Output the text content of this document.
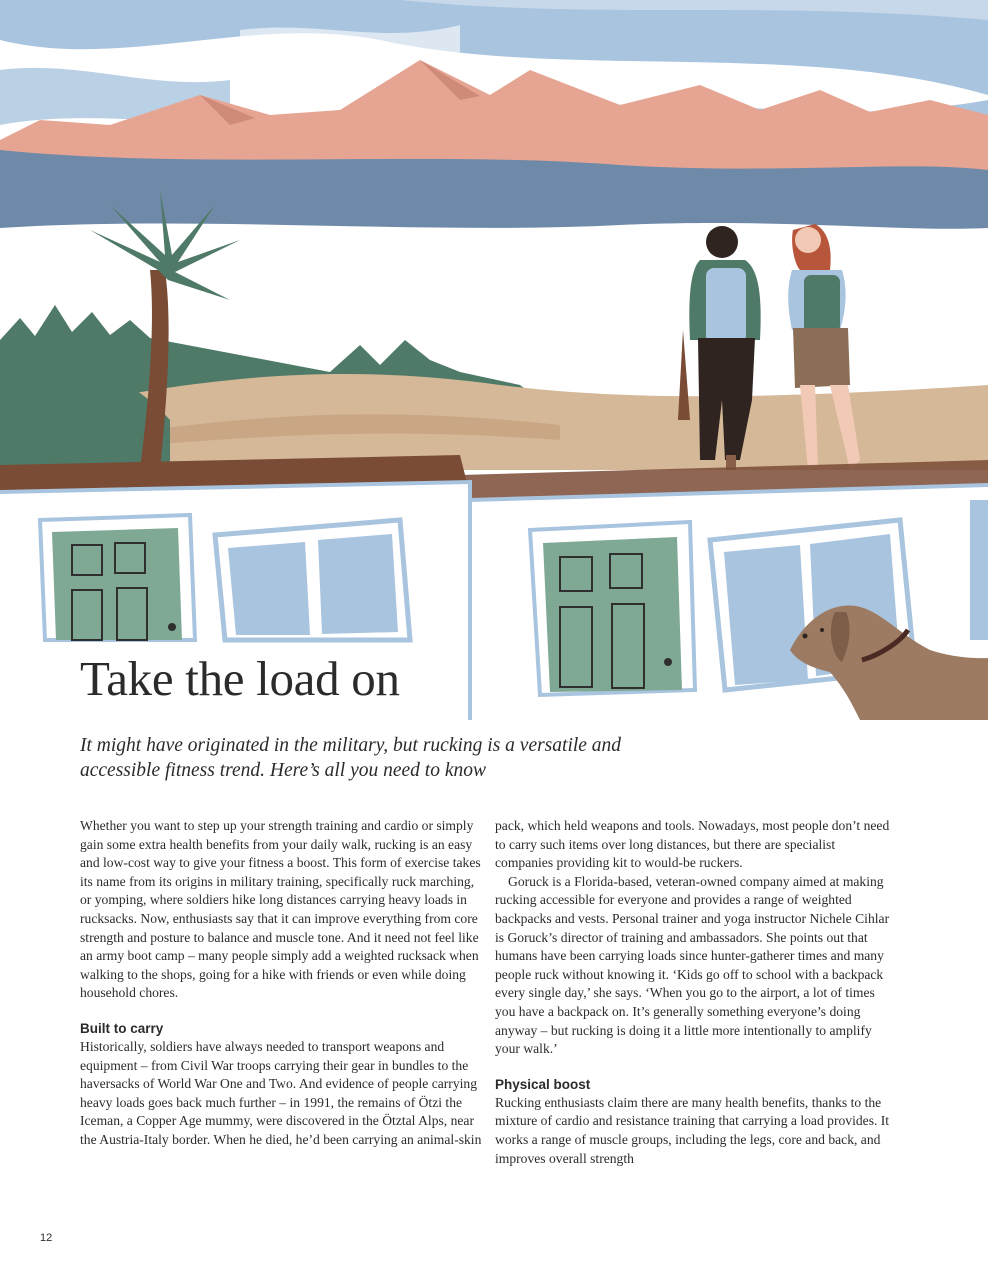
Take the load on

It might have originated in the military, but rucking is a versatile and accessible fitness trend. Here’s all you need to know

Whether you want to step up your strength training and cardio or simply gain some extra health benefits from your daily walk, rucking is an easy and low-cost way to give your fitness a boost. This form of exercise takes its name from its origins in military training, specifically ruck marching, or yomping, where soldiers hike long distances carrying heavy loads in rucksacks. Now, enthusiasts say that it can improve everything from core strength and posture to balance and muscle tone. And it need not feel like an army boot camp – many people simply add a weighted rucksack when walking to the shops, going for a hike with friends or even while doing household chores.

Built to carry

Historically, soldiers have always needed to transport weapons and equipment – from Civil War troops carrying their gear in bundles to the haversacks of World War One and Two. And evidence of people carrying heavy loads goes back much further – in 1991, the remains of Ötzi the Iceman, a Copper Age mummy, were discovered in the Ötztal Alps, near the Austria-Italy border. When he died, he’d been carrying an animal-skin

pack, which held weapons and tools. Nowadays, most people don’t need to carry such items over long distances, but there are specialist companies providing kit to would-be ruckers.

Goruck is a Florida-based, veteran-owned company aimed at making rucking accessible for everyone and provides a range of weighted backpacks and vests. Personal trainer and yoga instructor Nichele Cihlar is Goruck’s director of training and ambassadors. She points out that humans have been carrying loads since hunter-gatherer times and many people ruck without knowing it. ‘Kids go off to school with a backpack every single day,’ she says. ‘When you go to the airport, a lot of times you have a backpack on. It’s generally something everyone’s doing anyway – but rucking is doing it a little more intentionally to amplify your walk.’

Physical boost

Rucking enthusiasts claim there are many health benefits, thanks to the mixture of cardio and resistance training that carrying a load provides. It works a range of muscle groups, including the legs, core and back, and improves overall strength

12
